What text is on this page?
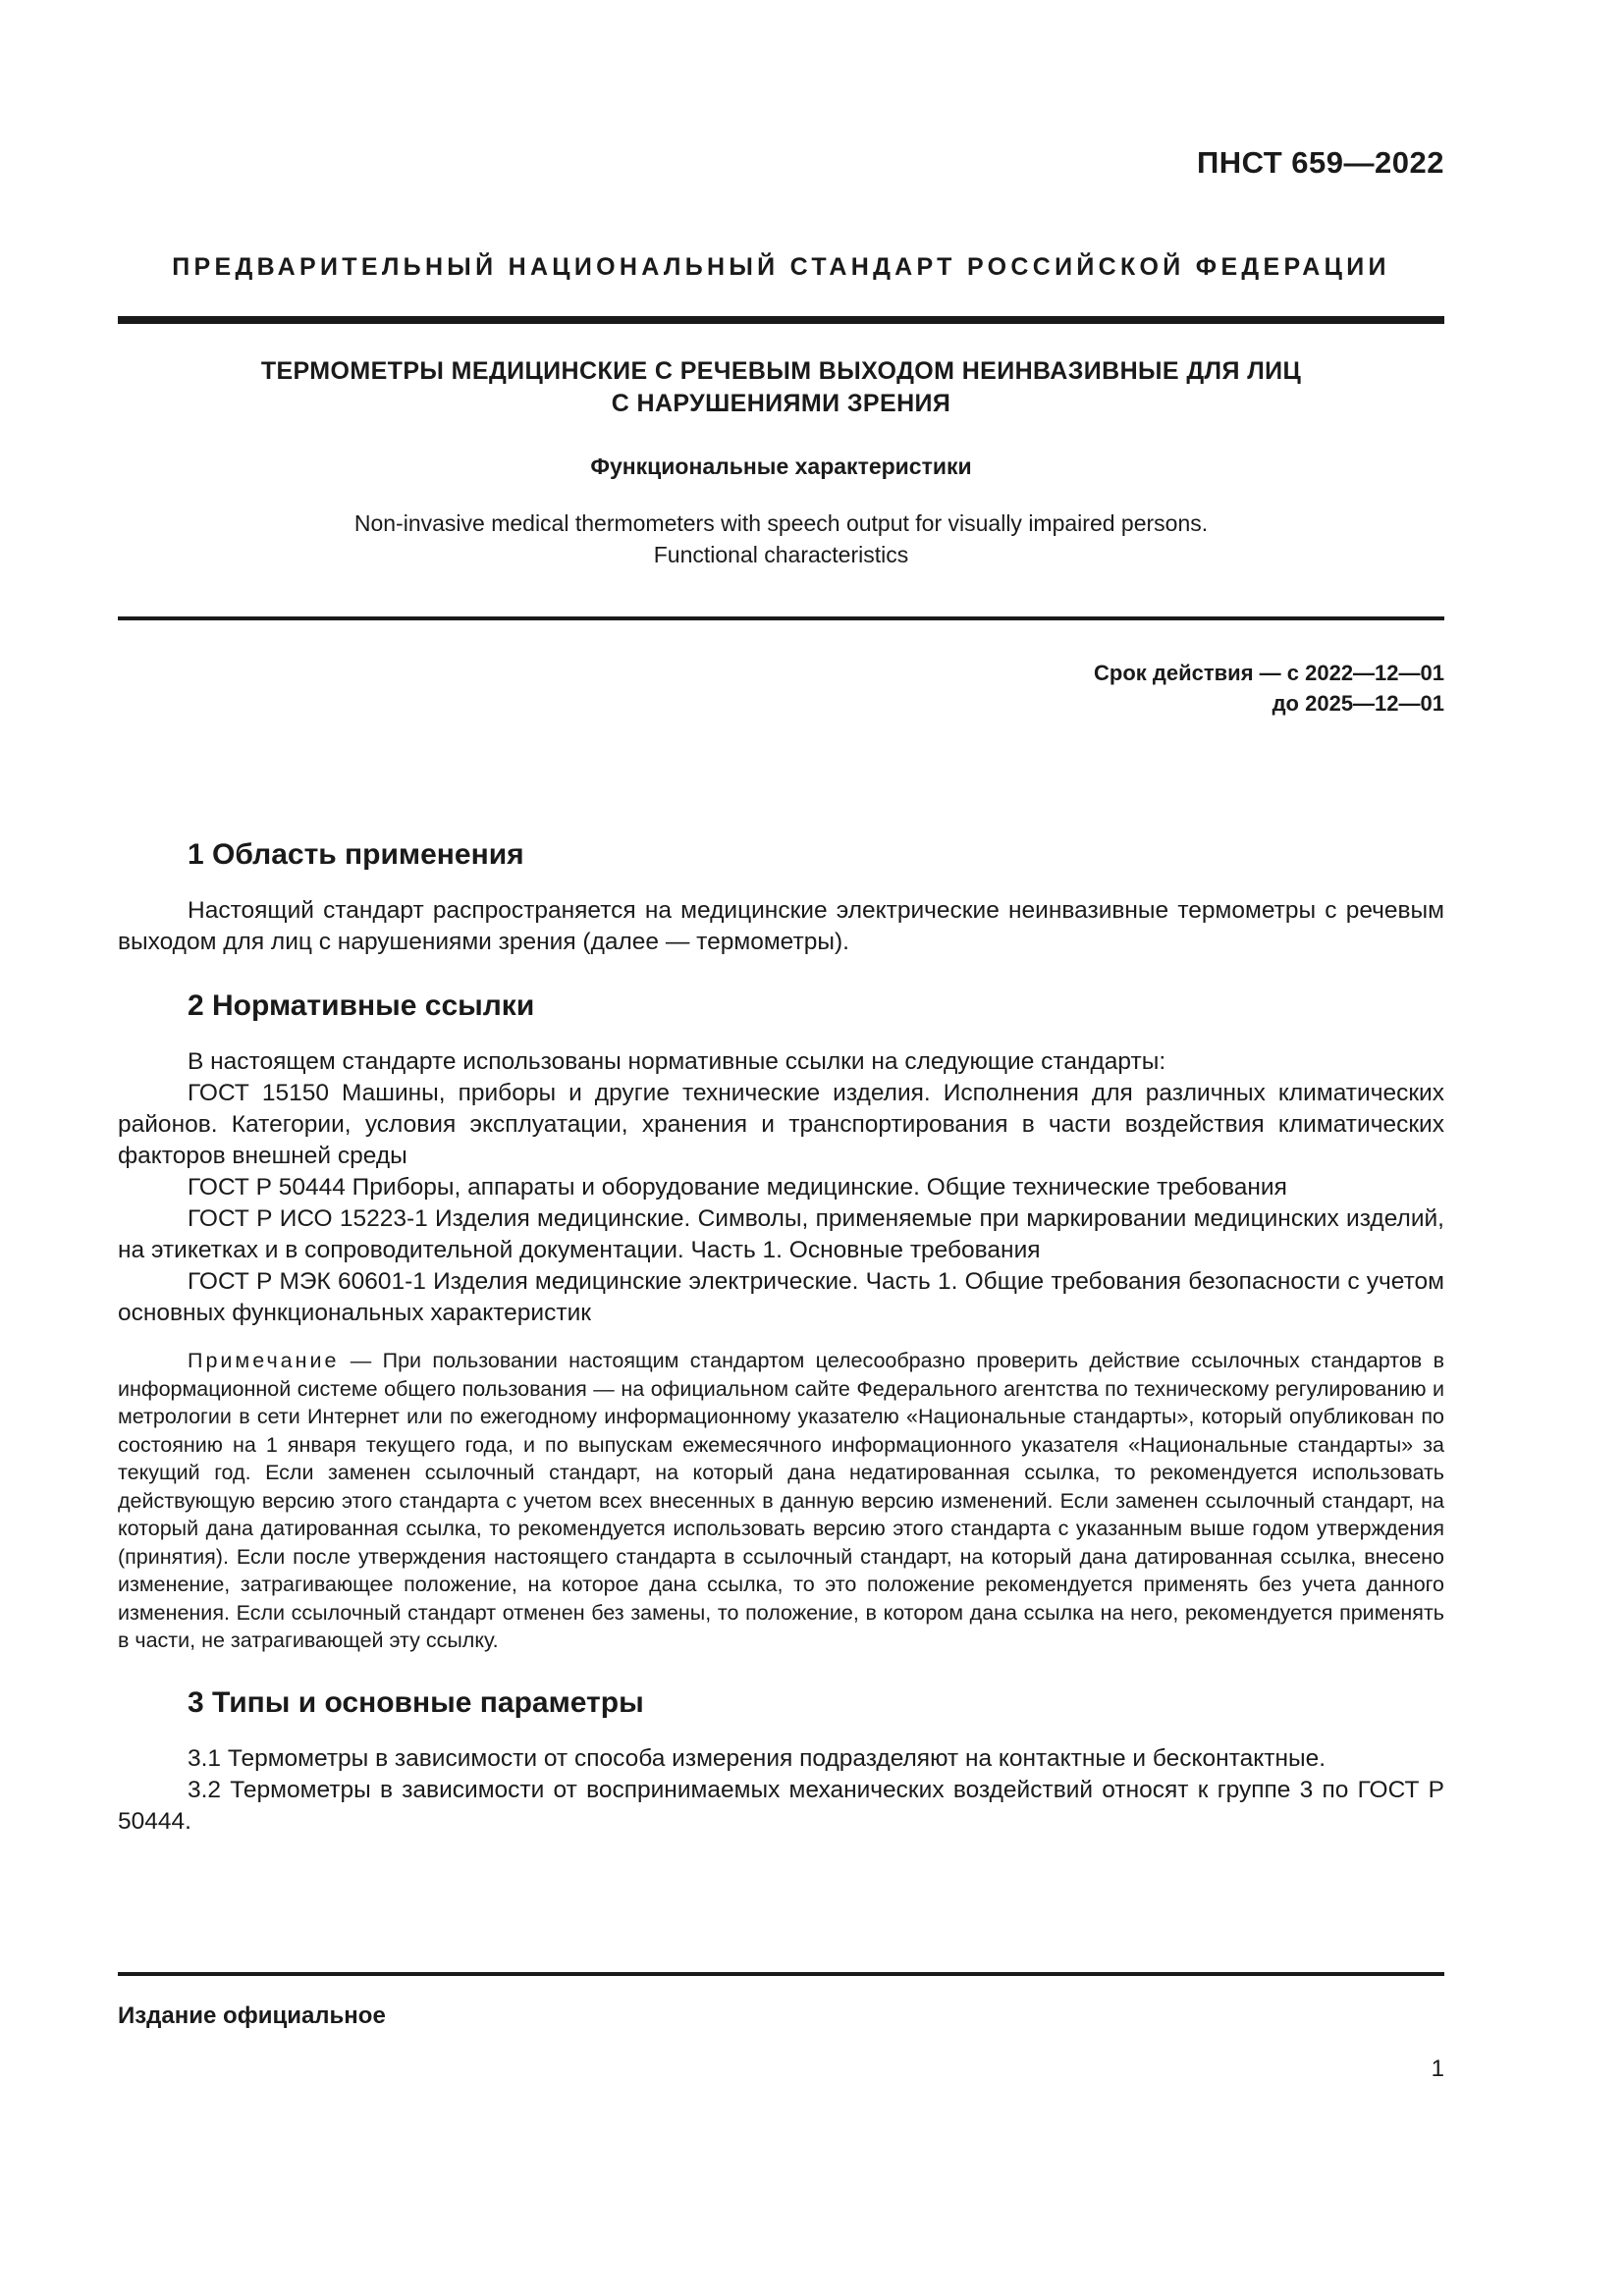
ПНСТ 659—2022
ПРЕДВАРИТЕЛЬНЫЙ НАЦИОНАЛЬНЫЙ СТАНДАРТ РОССИЙСКОЙ ФЕДЕРАЦИИ
ТЕРМОМЕТРЫ МЕДИЦИНСКИЕ С РЕЧЕВЫМ ВЫХОДОМ НЕИНВАЗИВНЫЕ ДЛЯ ЛИЦ
С НАРУШЕНИЯМИ ЗРЕНИЯ
Функциональные характеристики
Non-invasive medical thermometers with speech output for visually impaired persons.
Functional characteristics
Срок действия — с 2022—12—01
до 2025—12—01
1 Область применения

Настоящий стандарт распространяется на медицинские электрические неинвазивные термометры с речевым выходом для лиц с нарушениями зрения (далее — термометры).

2 Нормативные ссылки

В настоящем стандарте использованы нормативные ссылки на следующие стандарты:

ГОСТ 15150 Машины, приборы и другие технические изделия. Исполнения для различных климатических районов. Категории, условия эксплуатации, хранения и транспортирования в части воздействия климатических факторов внешней среды

ГОСТ Р 50444 Приборы, аппараты и оборудование медицинские. Общие технические требования

ГОСТ Р ИСО 15223-1 Изделия медицинские. Символы, применяемые при маркировании медицинских изделий, на этикетках и в сопроводительной документации. Часть 1. Основные требования

ГОСТ Р МЭК 60601-1 Изделия медицинские электрические. Часть 1. Общие требования безопасности с учетом основных функциональных характеристик

Примечание — При пользовании настоящим стандартом целесообразно проверить действие ссылочных стандартов в информационной системе общего пользования — на официальном сайте Федерального агентства по техническому регулированию и метрологии в сети Интернет или по ежегодному информационному указателю «Национальные стандарты», который опубликован по состоянию на 1 января текущего года, и по выпускам ежемесячного информационного указателя «Национальные стандарты» за текущий год. Если заменен ссылочный стандарт, на который дана недатированная ссылка, то рекомендуется использовать действующую версию этого стандарта с учетом всех внесенных в данную версию изменений. Если заменен ссылочный стандарт, на который дана датированная ссылка, то рекомендуется использовать версию этого стандарта с указанным выше годом утверждения (принятия). Если после утверждения настоящего стандарта в ссылочный стандарт, на который дана датированная ссылка, внесено изменение, затрагивающее положение, на которое дана ссылка, то это положение рекомендуется применять без учета данного изменения. Если ссылочный стандарт отменен без замены, то положение, в котором дана ссылка на него, рекомендуется применять в части, не затрагивающей эту ссылку.
3 Типы и основные параметры

3.1 Термометры в зависимости от способа измерения подразделяют на контактные и бесконтактные.

3.2 Термометры в зависимости от воспринимаемых механических воздействий относят к группе 3 по ГОСТ Р 50444.

Издание официальное
1
